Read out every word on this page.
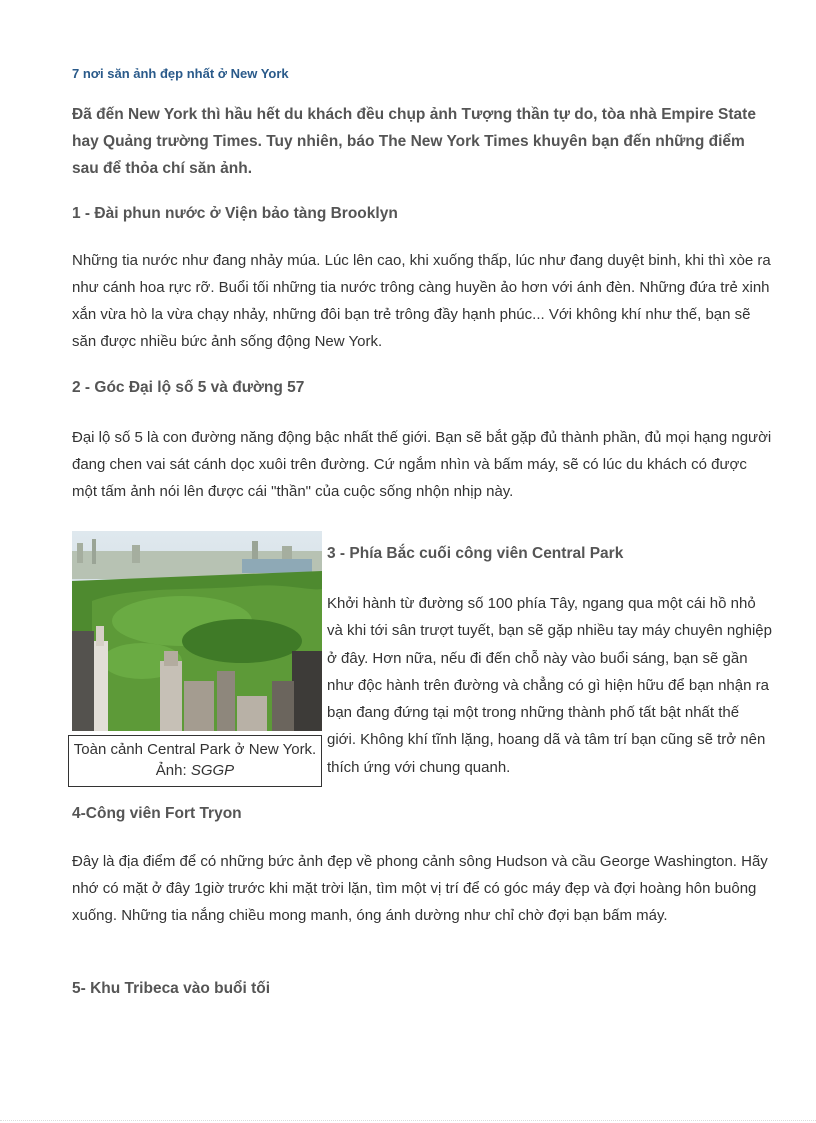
7 nơi săn ảnh đẹp nhất ở New York
Đã đến New York thì hầu hết du khách đều chụp ảnh Tượng thần tự do, tòa nhà Empire State hay Quảng trường Times. Tuy nhiên, báo The New York Times khuyên bạn đến những điểm sau để thỏa chí săn ảnh.
1 - Đài phun nước ở Viện bảo tàng Brooklyn
Những tia nước như đang nhảy múa. Lúc lên cao, khi xuống thấp, lúc như đang duyệt binh, khi thì xòe ra như cánh hoa rực rỡ. Buổi tối những tia nước trông càng huyền ảo hơn với ánh đèn. Những đứa trẻ xinh xắn vừa hò la vừa chạy nhảy, những đôi bạn trẻ trông đầy hạnh phúc... Với không khí như thế, bạn sẽ săn được nhiều bức ảnh sống động New York.
2 - Góc Đại lộ số 5 và đường 57
Đại lộ số 5 là con đường năng động bậc nhất thế giới. Bạn sẽ bắt gặp đủ thành phần, đủ mọi hạng người đang chen vai sát cánh dọc xuôi trên đường. Cứ ngắm nhìn và bấm máy, sẽ có lúc du khách có được một tấm ảnh nói lên được cái "thần" của cuộc sống nhộn nhịp này.
Toàn cảnh Central Park ở New York. Ảnh: SGGP
3 - Phía Bắc cuối công viên Central Park
Khởi hành từ đường số 100 phía Tây, ngang qua một cái hồ nhỏ và khi tới sân trượt tuyết, bạn sẽ gặp nhiều tay máy chuyên nghiệp ở đây. Hơn nữa, nếu đi đến chỗ này vào buổi sáng, bạn sẽ gần như độc hành trên đường và chẳng có gì hiện hữu để bạn nhận ra bạn đang đứng tại một trong những thành phố tất bật nhất thế giới. Không khí tĩnh lặng, hoang dã và tâm trí bạn cũng sẽ trở nên thích ứng với chung quanh.
4-Công viên Fort Tryon
Đây là địa điểm để có những bức ảnh đẹp về phong cảnh sông Hudson và cầu George Washington. Hãy nhớ có mặt ở đây 1giờ trước khi mặt trời lặn, tìm một vị trí để có góc máy đẹp và đợi hoàng hôn buông xuống. Những tia nắng chiều mong manh, óng ánh dường như chỉ chờ đợi bạn bấm máy.
5- Khu Tribeca vào buổi tối
